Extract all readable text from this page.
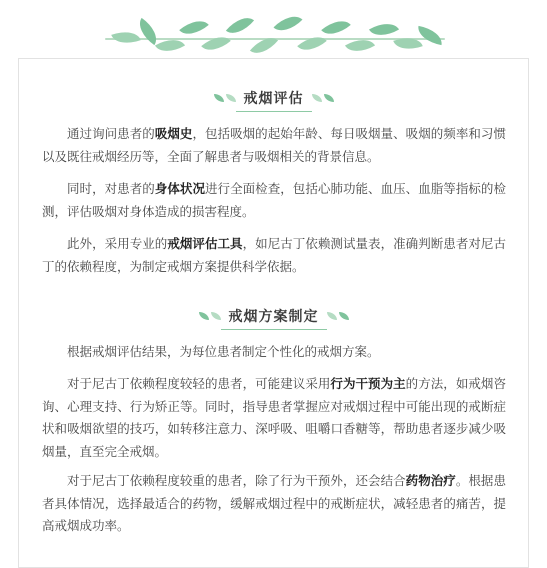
戒烟评估

通过询问患者的吸烟史，包括吸烟的起始年龄、每日吸烟量、吸烟的频率和习惯以及既往戒烟经历等，全面了解患者与吸烟相关的背景信息。

同时，对患者的身体状况进行全面检查，包括心肺功能、血压、血脂等指标的检测，评估吸烟对身体造成的损害程度。

此外，采用专业的戒烟评估工具，如尼古丁依赖测试量表，准确判断患者对尼古丁的依赖程度，为制定戒烟方案提供科学依据。

戒烟方案制定

根据戒烟评估结果，为每位患者制定个性化的戒烟方案。

对于尼古丁依赖程度较轻的患者，可能建议采用行为干预为主的方法，如戒烟咨询、心理支持、行为矫正等。同时，指导患者掌握应对戒烟过程中可能出现的戒断症状和吸烟欲望的技巧，如转移注意力、深呼吸、咀嚼口香糖等，帮助患者逐步减少吸烟量，直至完全戒烟。

对于尼古丁依赖程度较重的患者，除了行为干预外，还会结合药物治疗。根据患者具体情况，选择最适合的药物，缓解戒烟过程中的戒断症状，减轻患者的痛苦，提高戒烟成功率。
